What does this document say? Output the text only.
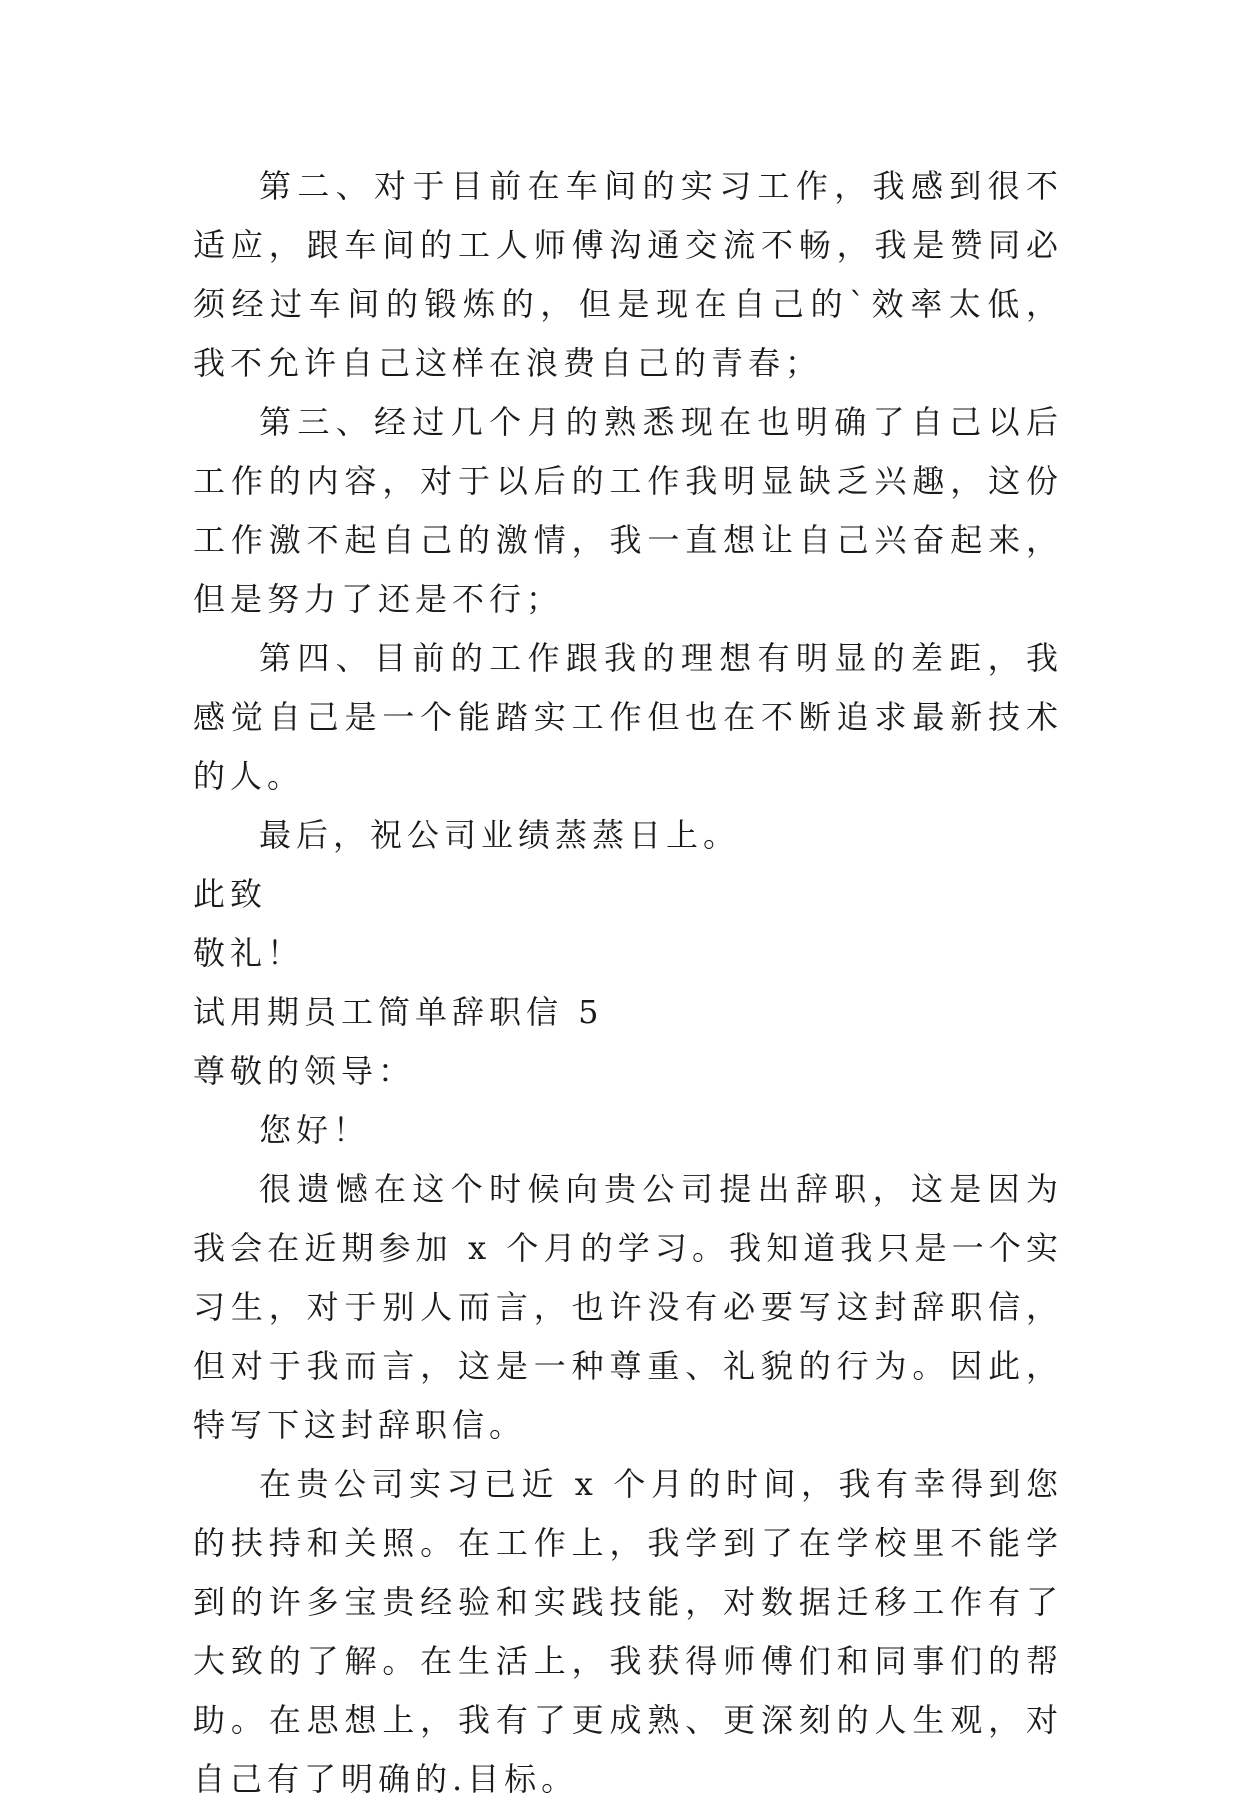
第二、对于目前在车间的实习工作，我感到很不适应，跟车间的工人师傅沟通交流不畅，我是赞同必须经过车间的锻炼的，但是现在自己的`效率太低，我不允许自己这样在浪费自己的青春；

第三、经过几个月的熟悉现在也明确了自己以后工作的内容，对于以后的工作我明显缺乏兴趣，这份工作激不起自己的激情，我一直想让自己兴奋起来，但是努力了还是不行；

第四、目前的工作跟我的理想有明显的差距，我感觉自己是一个能踏实工作但也在不断追求最新技术的人。

最后，祝公司业绩蒸蒸日上。

此致

敬礼！

试用期员工简单辞职信 5

尊敬的领导：

您好！

很遗憾在这个时候向贵公司提出辞职，这是因为我会在近期参加 x 个月的学习。我知道我只是一个实习生，对于别人而言，也许没有必要写这封辞职信，但对于我而言，这是一种尊重、礼貌的行为。因此，特写下这封辞职信。

在贵公司实习已近 x 个月的时间，我有幸得到您的扶持和关照。在工作上，我学到了在学校里不能学到的许多宝贵经验和实践技能，对数据迁移工作有了大致的了解。在生活上，我获得师傅们和同事们的帮助。在思想上，我有了更成熟、更深刻的人生观，对自己有了明确的.目标。
